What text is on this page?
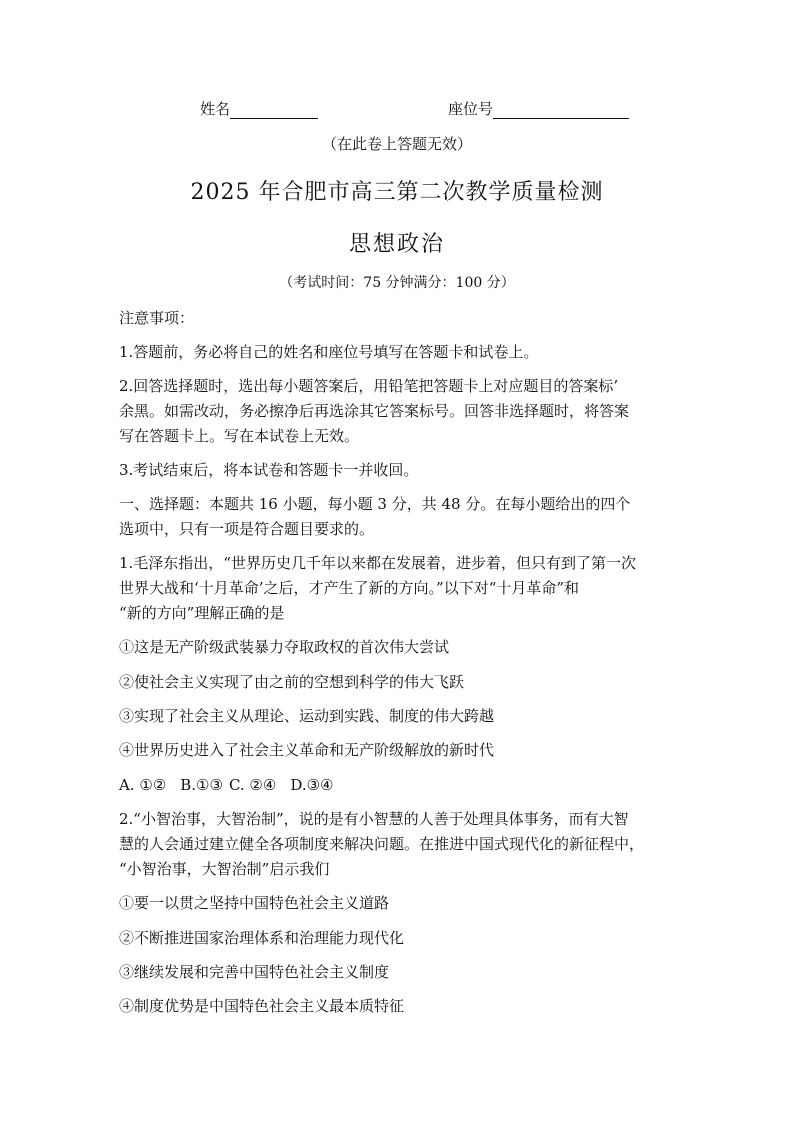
姓名	座位号
（在此卷上答题无效）
2025 年合肥市高三第二次教学质量检测
思想政治
（考试时间：75 分钟满分：100 分）
注意事项：
1.答题前，务必将自己的姓名和座位号填写在答题卡和试卷上。
2.回答选择题时，选出每小题答案后，用铅笔把答题卡上对应题目的答案标’
余黑。如需改动，务必擦净后再选涂其它答案标号。回答非选择题时，将答案
写在答题卡上。写在本试卷上无效。
3.考试结束后，将本试卷和答题卡一并收回。
一、选择题：本题共 16 小题，每小题 3 分，共 48 分。在每小题给出的四个
选项中，只有一项是符合题目要求的。
1.毛泽东指出，“世界历史几千年以来都在发展着，进步着，但只有到了第一次
世界大战和‘十月革命’之后，才产生了新的方向。”以下对“十月革命”和
“新的方向”理解正确的是
①这是无产阶级武装暴力夺取政权的首次伟大尝试
②使社会主义实现了由之前的空想到科学的伟大飞跃
③实现了社会主义从理论、运动到实践、制度的伟大跨越
④世界历史进入了社会主义革命和无产阶级解放的新时代
A. ①② B.①③ C. ②④ D.③④
2.“小智治事，大智治制”，说的是有小智慧的人善于处理具体事务，而有大智
慧的人会通过建立健全各项制度来解决问题。在推进中国式现代化的新征程中，
“小智治事，大智治制”启示我们
①要一以贯之坚持中国特色社会主义道路
②不断推进国家治理体系和治理能力现代化
③继续发展和完善中国特色社会主义制度
④制度优势是中国特色社会主义最本质特征
